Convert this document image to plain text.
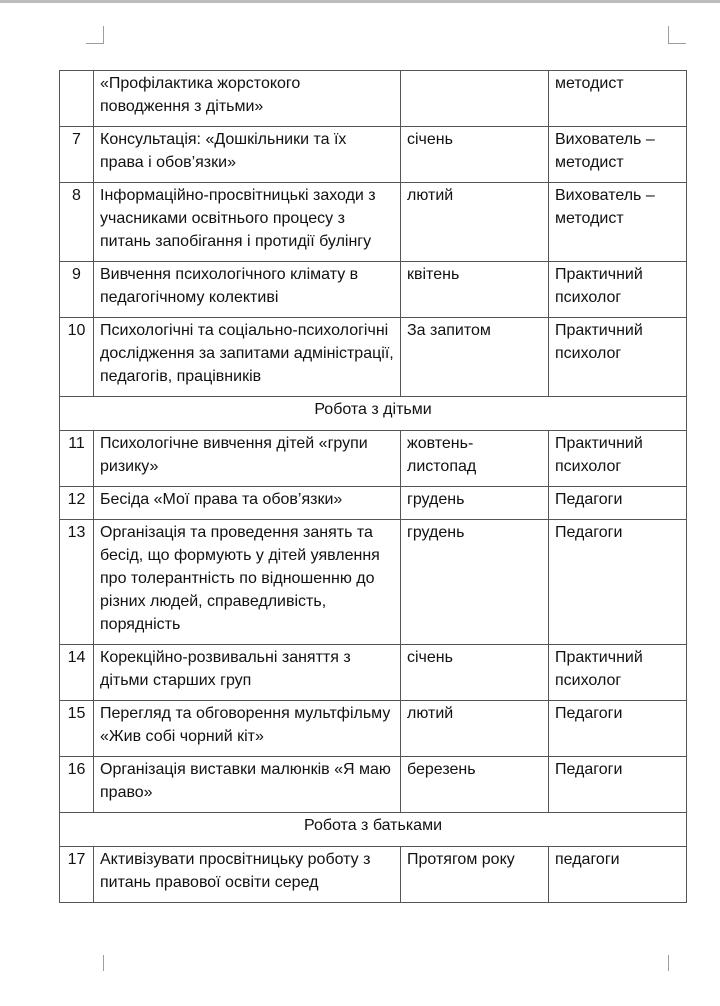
	«Профілактика жорстокого поводження з дітьми»		методист
7	Консультація: «Дошкільники та їх права і обов’язки»	січень	Вихователь – методист
8	Інформаційно-просвітницькі заходи з учасниками освітнього процесу з питань запобігання і протидії булінгу	лютий	Вихователь – методист
9	Вивчення психологічного клімату в педагогічному колективі	квітень	Практичний психолог
10	Психологічні та соціально-психологічні дослідження за запитами адміністрації, педагогів, працівників	За запитом	Практичний психолог
Робота з дітьми			
11	Психологічне вивчення дітей «групи ризику»	жовтень-листопад	Практичний психолог
12	Бесіда «Мої права та обов’язки»	грудень	Педагоги
13	Організація та проведення занять та бесід, що формують у дітей уявлення про толерантність по відношенню до різних людей, справедливість, порядність	грудень	Педагоги
14	Корекційно-розвивальні заняття з дітьми старших груп	січень	Практичний психолог
15	Перегляд та обговорення мультфільму «Жив собі чорний кіт»	лютий	Педагоги
16	Організація виставки малюнків «Я маю право»	березень	Педагоги
Робота з батьками			
17	Активізувати просвітницьку роботу з питань правової освіти серед	Протягом року	педагоги
